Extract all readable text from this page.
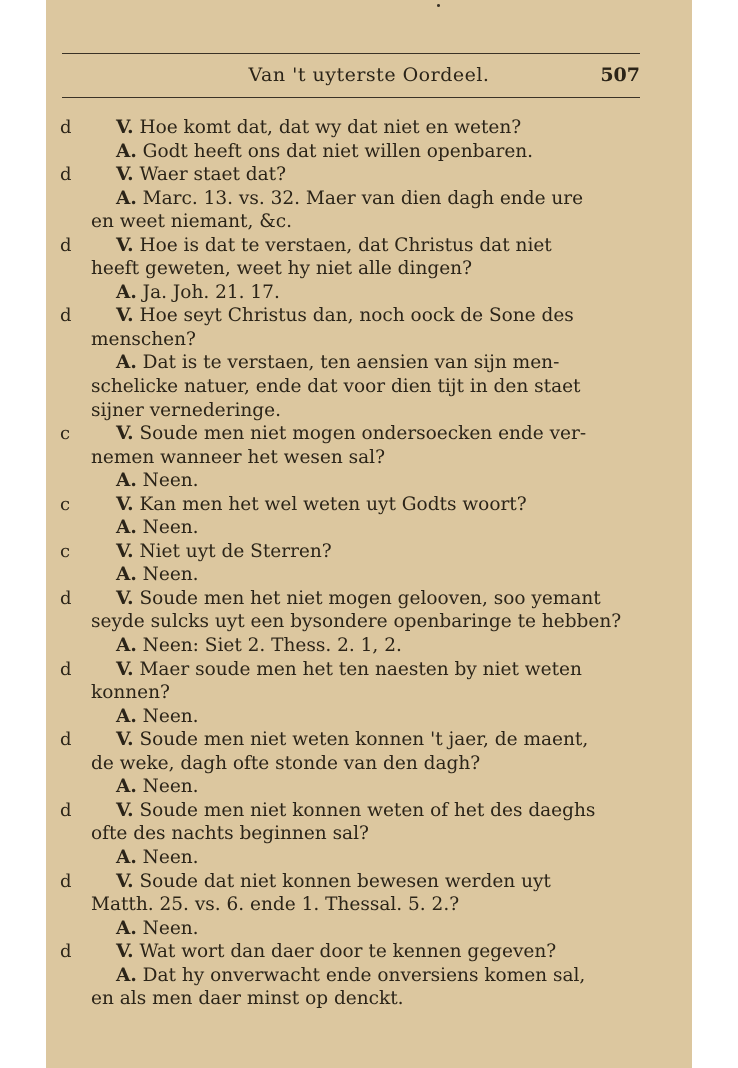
Van 't uyterste Oordeel.	507
d V. Hoe komt dat, dat wy dat niet en weten?
A. Godt heeft ons dat niet willen openbaren.
d V. Waer staet dat?
A. Marc. 13. vs. 32. Maer van dien dagh ende ure
en weet niemant, &c.
d V. Hoe is dat te verstaen, dat Christus dat niet
heeft geweten, weet hy niet alle dingen?
A. Ja. Joh. 21. 17.
d V. Hoe seyt Christus dan, noch oock de Sone des
menschen?
A. Dat is te verstaen, ten aensien van sijn men-
schelicke natuer, ende dat voor dien tijt in den staet
sijner vernederinge.
c V. Soude men niet mogen ondersoecken ende ver-
nemen wanneer het wesen sal?
A. Neen.
c V. Kan men het wel weten uyt Godts woort?
A. Neen.
c V. Niet uyt de Sterren?
A. Neen.
d V. Soude men het niet mogen gelooven, soo yemant
seyde sulcks uyt een bysondere openbaringe te hebben?
A. Neen: Siet 2. Thess. 2. 1, 2.
d V. Maer soude men het ten naesten by niet weten
konnen?
A. Neen.
d V. Soude men niet weten konnen 't jaer, de maent,
de weke, dagh ofte stonde van den dagh?
A. Neen.
d V. Soude men niet konnen weten of het des daeghs
ofte des nachts beginnen sal?
A. Neen.
d V. Soude dat niet konnen bewesen werden uyt
Matth. 25. vs. 6. ende 1. Thessal. 5. 2.?
A. Neen.
d V. Wat wort dan daer door te kennen gegeven?
A. Dat hy onverwacht ende onversiens komen sal,
en als men daer minst op denckt.
